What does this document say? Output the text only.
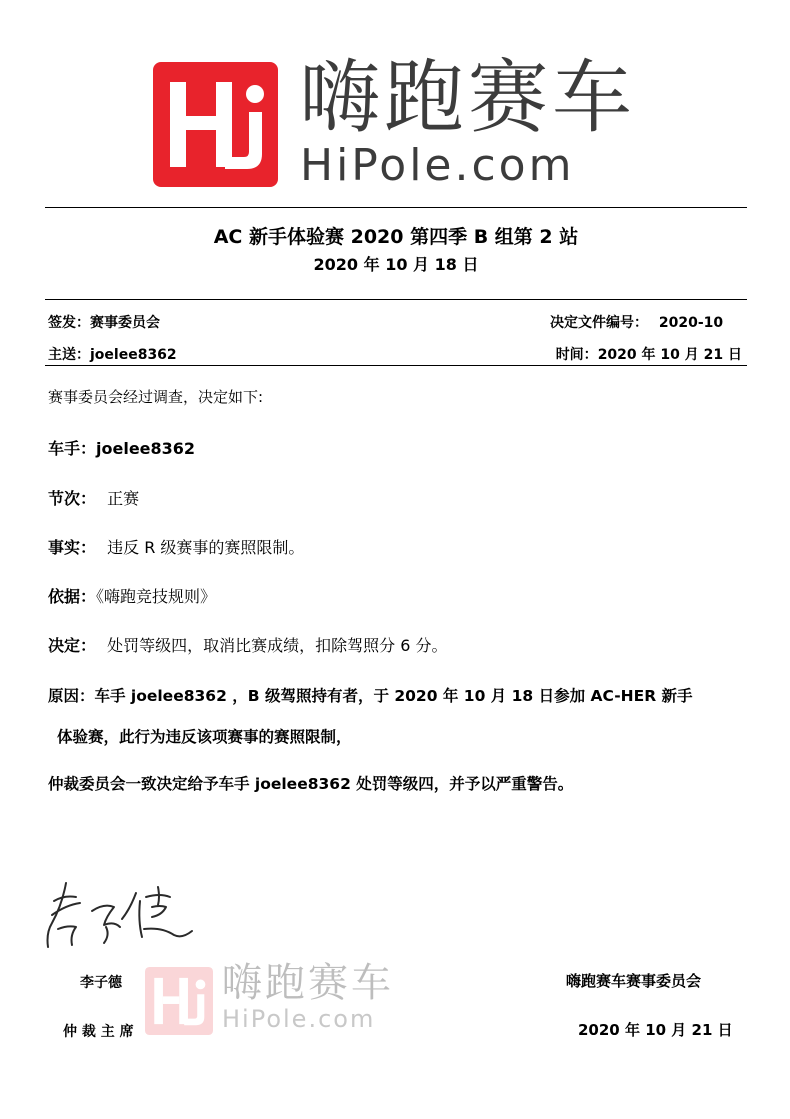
嗨跑赛车
HiPole.com
AC 新手体验赛 2020 第四季 B 组第 2 站
2020 年 10 月 18 日
签发：赛事委员会	决定文件编号： 2020-10
主送：joelee8362	时间：2020 年 10 月 21 日
赛事委员会经过调查，决定如下:
车手：joelee8362
节次： 正赛
事实： 违反 R 级赛事的赛照限制。
依据：《嗨跑竞技规则》
决定： 处罚等级四，取消比赛成绩，扣除驾照分 6 分。
原因：车手 joelee8362 ，B 级驾照持有者，于 2020 年 10 月 18 日参加 AC-HER 新手
体验赛，此行为违反该项赛事的赛照限制，
仲裁委员会一致决定给予车手 joelee8362 处罚等级四，并予以严重警告。
嗨跑赛车
HiPole.com
李子德
仲 裁 主 席
嗨跑赛车赛事委员会
2020 年 10 月 21 日
